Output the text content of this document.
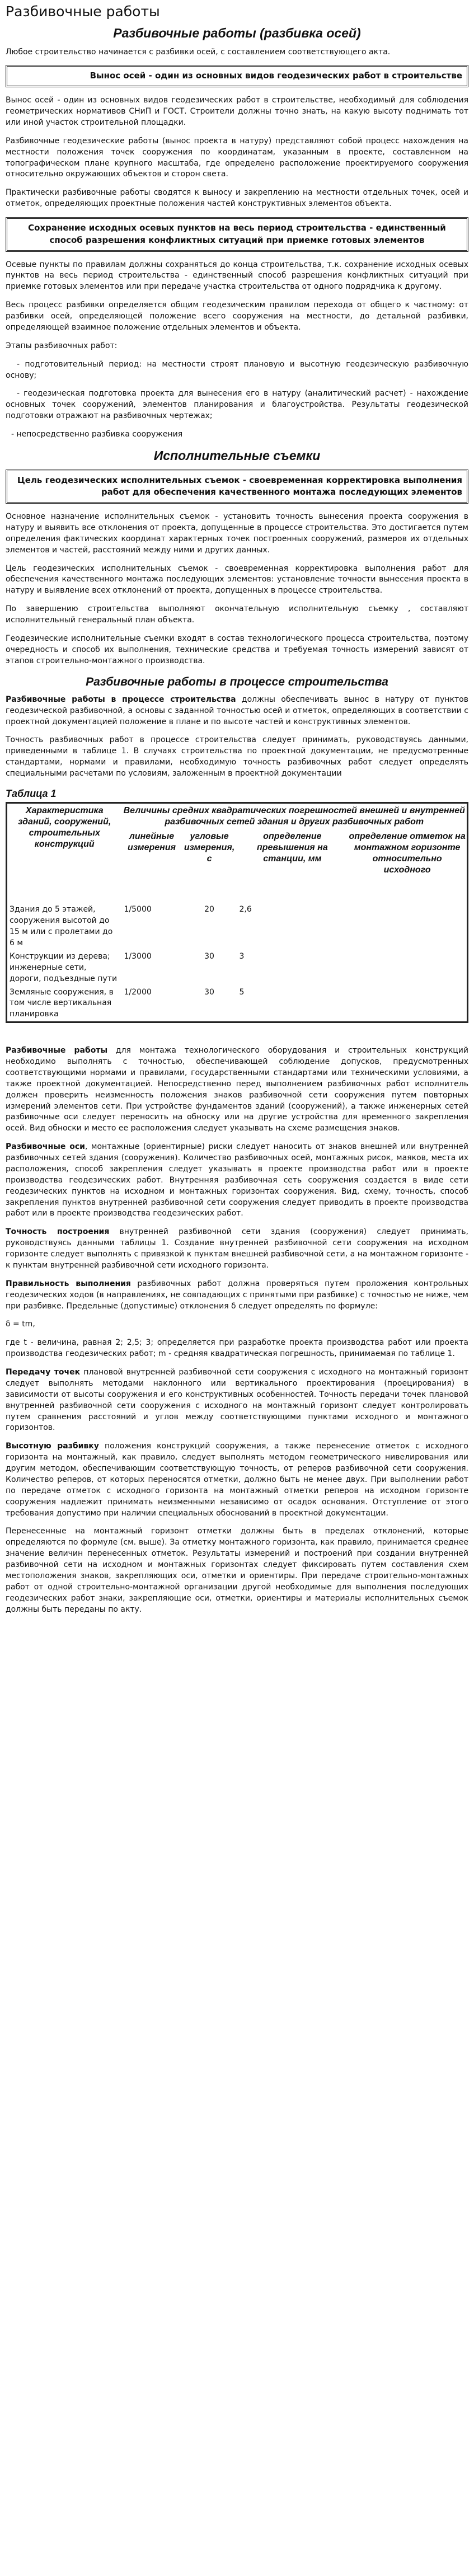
Разбивочные работы
Разбивочные работы (разбивка осей)

Любое строительство начинается с разбивки осей, с составлением соответствующего акта.

Вынос осей - один из основных видов геодезических работ в строительстве

Вынос осей - один из основных видов геодезических работ в строительстве, необходимый для соблюдения геометрических нормативов СНиП и ГОСТ. Строители должны точно знать, на какую высоту поднимать тот или иной участок строительной площадки.

Разбивочные геодезические работы (вынос проекта в натуру) представляют собой процесс нахождения на местности положения точек сооружения по координатам, указанным в проекте, составленном на топографическом плане крупного масштаба, где определено расположение проектируемого сооружения относительно окружающих объектов и сторон света.

Практически разбивочные работы сводятся к выносу и закреплению на местности отдельных точек, осей и отметок, определяющих проектные положения частей конструктивных элементов объекта.

Сохранение исходных осевых пунктов на весь период строительства - единственный способ разрешения конфликтных ситуаций при приемке готовых элементов

Осевые пункты по правилам должны сохраняться до конца строительства, т.к. сохранение исходных осевых пунктов на весь период строительства - единственный способ разрешения конфликтных ситуаций при приемке готовых элементов или при передаче участка строительства от одного подрядчика к другому.

Весь процесс разбивки определяется общим геодезическим правилом перехода от общего к частному: от разбивки осей, определяющей положение всего сооружения на местности, до детальной разбивки, определяющей взаимное положение отдельных элементов и объекта.

Этапы разбивочных работ:

- подготовительный период: на местности строят плановую и высотную геодезическую разбивочную основу;

- геодезическая подготовка проекта для вынесения его в натуру (аналитический расчет) - нахождение основных точек сооружений, элементов планирования и благоустройства. Результаты геодезической подготовки отражают на разбивочных чертежах;

- непосредственно разбивка сооружения

Исполнительные съемки
Цель геодезических исполнительных съемок - своевременная корректировка выполнения работ для обеспечения качественного монтажа последующих элементов

Основное назначение исполнительных съемок - установить точность вынесения проекта сооружения в натуру и выявить все отклонения от проекта, допущенные в процессе строительства. Это достигается путем определения фактических координат характерных точек построенных сооружений, размеров их отдельных элементов и частей, расстояний между ними и других данных.

Цель геодезических исполнительных съемок - своевременная корректировка выполнения работ для обеспечения качественного монтажа последующих элементов: установление точности вынесения проекта в натуру и выявление всех отклонений от проекта, допущенных в процессе строительства.

По завершению строительства выполняют окончательную исполнительную съемку , составляют исполнительный генеральный план объекта.

Геодезические исполнительные съемки входят в состав технологического процесса строительства, поэтому очередность и способ их выполнения, технические средства и требуемая точность измерений зависят от этапов строительно-монтажного производства.

Разбивочные работы в процессе строительства

Разбивочные работы в процессе строительства должны обеспечивать вынос в натуру от пунктов геодезической разбивочной, а основы с заданной точностью осей и отметок, определяющих в соответствии с проектной документацией положение в плане и по высоте частей и конструктивных элементов.

Точность разбивочных работ в процессе строительства следует принимать, руководствуясь данными, приведенными в таблице 1. В случаях строительства по проектной документации, не предусмотренные стандартами, нормами и правилами, необходимую точность разбивочных работ следует определять специальными расчетами по условиям, заложенным в проектной документации

Таблица 1
Характеристика зданий, сооружений, строительных конструкций	Величины средних квадратических погрешностей внешней и внутренней разбивочных сетей здания и других разбивочных работ			
	линейные измерения	угловые измерения, с	определение превышения на станции, мм	определение отметок на монтажном горизонте относительно исходного

Здания до 5 этажей, сооружения высотой до 15 м или с пролетами до 6 м	1/5000	20	2,6	
Конструкции из дерева; инженерные сети, дороги, подъездные пути	1/3000	30	3	
Земляные сооружения, в том числе вертикальная планировка	1/2000	30	5	

Разбивочные работы для монтажа технологического оборудования и строительных конструкций необходимо выполнять с точностью, обеспечивающей соблюдение допусков, предусмотренных соответствующими нормами и правилами, государственными стандартами или техническими условиями, а также проектной документацией. Непосредственно перед выполнением разбивочных работ исполнитель должен проверить неизменность положения знаков разбивочной сети сооружения путем повторных измерений элементов сети. При устройстве фундаментов зданий (сооружений), а также инженерных сетей разбивочные оси следует переносить на обноску или на другие устройства для временного закрепления осей. Вид обноски и место ее расположения следует указывать на схеме размещения знаков.

Разбивочные оси, монтажные (ориентирные) риски следует наносить от знаков внешней или внутренней разбивочных сетей здания (сооружения). Количество разбивочных осей, монтажных рисок, маяков, места их расположения, способ закрепления следует указывать в проекте производства работ или в проекте производства геодезических работ. Внутренняя разбивочная сеть сооружения создается в виде сети геодезических пунктов на исходном и монтажных горизонтах сооружения. Вид, схему, точность, способ закрепления пунктов внутренней разбивочной сети сооружения следует приводить в проекте производства работ или в проекте производства геодезических работ.

Точность построения внутренней разбивочной сети здания (сооружения) следует принимать, руководствуясь данными таблицы 1. Создание внутренней разбивочной сети сооружения на исходном горизонте следует выполнять с привязкой к пунктам внешней разбивочной сети, а на монтажном горизонте - к пунктам внутренней разбивочной сети исходного горизонта.

Правильность выполнения разбивочных работ должна проверяться путем проложения контрольных геодезических ходов (в направлениях, не совпадающих с принятыми при разбивке) с точностью не ниже, чем при разбивке. Предельные (допустимые) отклонения δ следует определять по формуле:

δ = tm,

где t - величина, равная 2; 2,5; 3; определяется при разработке проекта производства работ или проекта производства геодезических работ; m - средняя квадратическая погрешность, принимаемая по таблице 1.

Передачу точек плановой внутренней разбивочной сети сооружения с исходного на монтажный горизонт следует выполнять методами наклонного или вертикального проектирования (проецирования) в зависимости от высоты сооружения и его конструктивных особенностей. Точность передачи точек плановой внутренней разбивочной сети сооружения с исходного на монтажный горизонт следует контролировать путем сравнения расстояний и углов между соответствующими пунктами исходного и монтажного горизонтов.

Высотную разбивку положения конструкций сооружения, а также перенесение отметок с исходного горизонта на монтажный, как правило, следует выполнять методом геометрического нивелирования или другим методом, обеспечивающим соответствующую точность, от реперов разбивочной сети сооружения. Количество реперов, от которых переносятся отметки, должно быть не менее двух. При выполнении работ по передаче отметок с исходного горизонта на монтажный отметки реперов на исходном горизонте сооружения надлежит принимать неизменными независимо от осадок основания. Отступление от этого требования допустимо при наличии специальных обоснований в проектной документации.

Перенесенные на монтажный горизонт отметки должны быть в пределах отклонений, которые определяются по формуле (см. выше). За отметку монтажного горизонта, как правило, принимается среднее значение величин перенесенных отметок. Результаты измерений и построений при создании внутренней разбивочной сети на исходном и монтажных горизонтах следует фиксировать путем составления схем местоположения знаков, закрепляющих оси, отметки и ориентиры. При передаче строительно-монтажных работ от одной строительно-монтажной организации другой необходимые для выполнения последующих геодезических работ знаки, закрепляющие оси, отметки, ориентиры и материалы исполнительных съемок должны быть переданы по акту.
